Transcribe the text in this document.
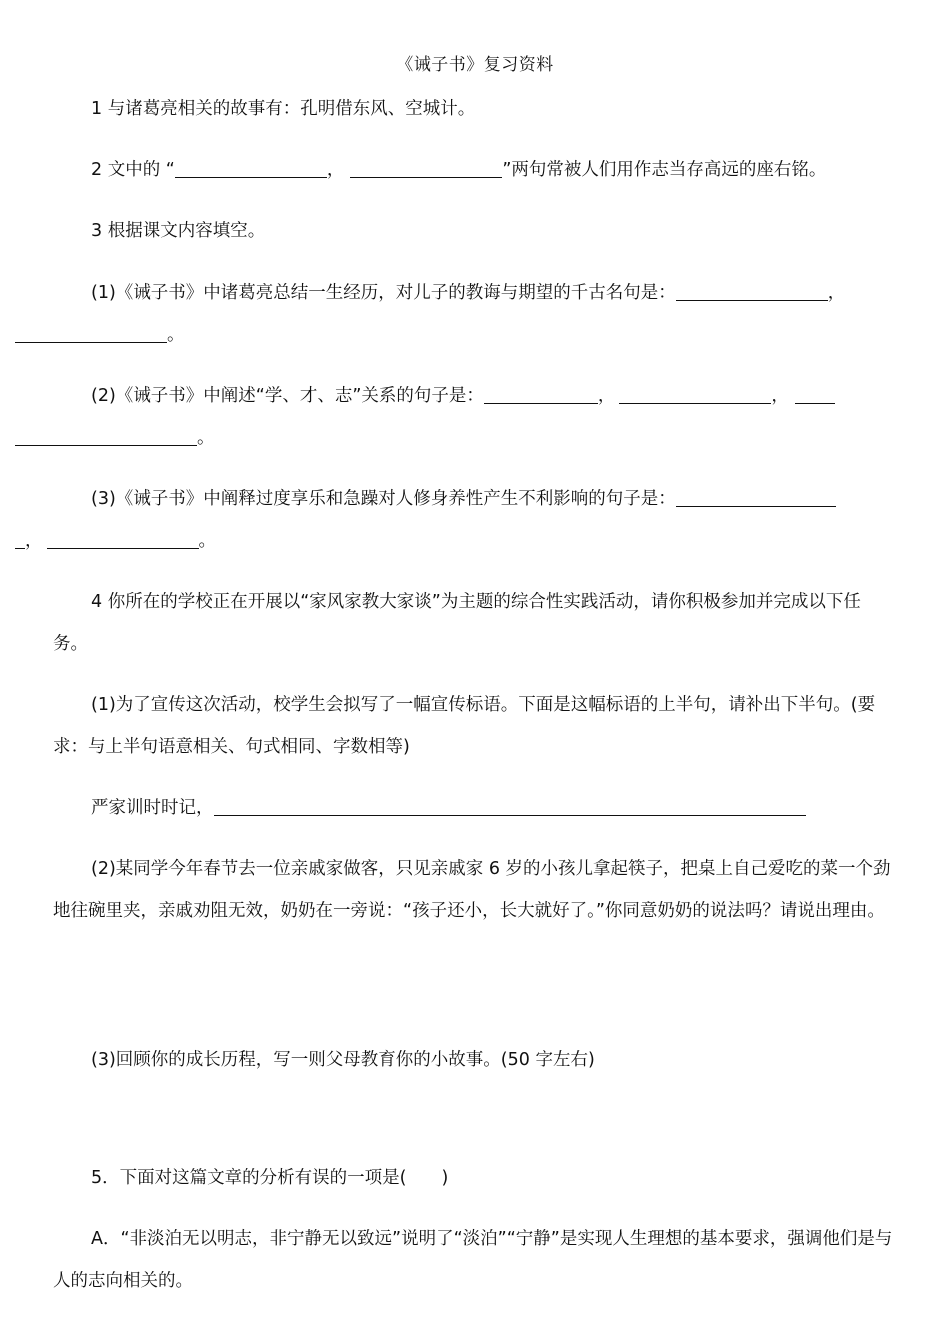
《诫子书》复习资料
1 与诸葛亮相关的故事有：孔明借东风、空城计。
2 文中的 “	，	”两句常被人们用作志当存高远的座右铭。
3 根据课文内容填空。
(1)《诫子书》中诸葛亮总结一生经历，对儿子的教诲与期望的千古名句是：	，
。
(2)《诫子书》中阐述“学、才、志”关系的句子是：	，	，
。
(3)《诫子书》中阐释过度享乐和急躁对人修身养性产生不利影响的句子是：
，	。
4 你所在的学校正在开展以“家风家教大家谈”为主题的综合性实践活动，请你积极参加并完成以下任务。
(1)为了宣传这次活动，校学生会拟写了一幅宣传标语。下面是这幅标语的上半句，请补出下半句。(要求：与上半句语意相关、句式相同、字数相等)
严家训时时记，
(2)某同学今年春节去一位亲戚家做客，只见亲戚家 6 岁的小孩儿拿起筷子，把桌上自己爱吃的菜一个劲地往碗里夹，亲戚劝阻无效，奶奶在一旁说：“孩子还小，长大就好了。”你同意奶奶的说法吗？请说出理由。
(3)回顾你的成长历程，写一则父母教育你的小故事。(50 字左右)
5．下面对这篇文章的分析有误的一项是(　　)
A．“非淡泊无以明志，非宁静无以致远”说明了“淡泊”“宁静”是实现人生理想的基本要求，强调他们是与人的志向相关的。
